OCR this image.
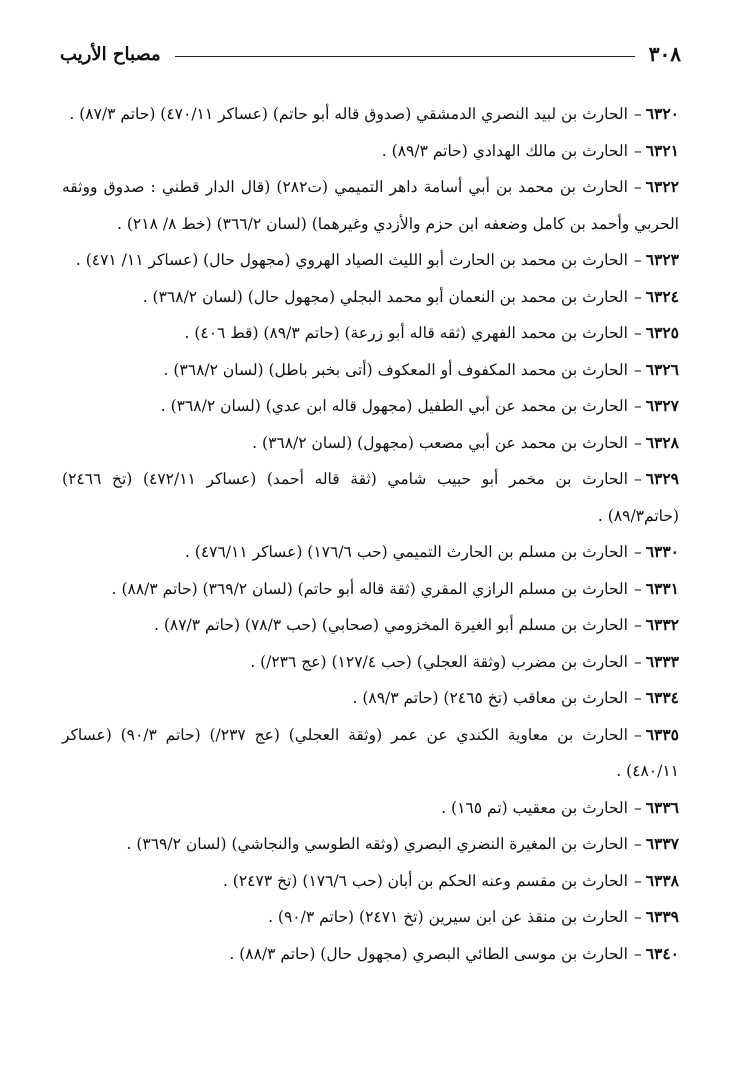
٣٠٨
مصباح الأريب
٦٣٢٠–الحارث بن لبيد النصري الدمشقي (صدوق قاله أبو حاتم) (عساكر ٤٧٠/١١) (حاتم ٨٧/٣) .
٦٣٢١–الحارث بن مالك الهدادي (حاتم ٨٩/٣) .
٦٣٢٢–الحارث بن محمد بن أبي أسامة داهر التميمي (ت٢٨٢) (قال الدار قطني : صدوق ووثقه الحربي وأحمد بن كامل وضعفه ابن حزم والأزدي وغيرهما) (لسان ٣٦٦/٢) (خط ٨/ ٢١٨) .
٦٣٢٣–الحارث بن محمد بن الحارث أبو الليث الصياد الهروي (مجهول حال) (عساكر ١١/ ٤٧١) .
٦٣٢٤–الحارث بن محمد بن النعمان أبو محمد البجلي (مجهول حال) (لسان ٣٦٨/٢) .
٦٣٢٥–الحارث بن محمد الفهري (ثقه قاله أبو زرعة) (حاتم ٨٩/٣) (قط ٤٠٦) .
٦٣٢٦–الحارث بن محمد المكفوف أو المعكوف (أتى بخبر باطل) (لسان ٣٦٨/٢) .
٦٣٢٧–الحارث بن محمد عن أبي الطفيل (مجهول قاله ابن عدي) (لسان ٣٦٨/٢) .
٦٣٢٨–الحارث بن محمد عن أبي مصعب (مجهول) (لسان ٣٦٨/٢) .
٦٣٢٩–الحارث بن مخمر أبو حبيب شامي (ثقة قاله أحمد) (عساكر ٤٧٢/١١) (تخ ٢٤٦٦) (حاتم٨٩/٣) .
٦٣٣٠–الحارث بن مسلم بن الحارث التميمي (حب ١٧٦/٦) (عساكر ٤٧٦/١١) .
٦٣٣١–الحارث بن مسلم الرازي المقري (ثقة قاله أبو حاتم) (لسان ٣٦٩/٢) (حاتم ٨٨/٣) .
٦٣٣٢–الحارث بن مسلم أبو الغيرة المخزومي (صحابي) (حب ٧٨/٣) (حاتم ٨٧/٣) .
٦٣٣٣–الحارث بن مضرب (وثقة العجلي) (حب ١٢٧/٤) (عج ٢٣٦/) .
٦٣٣٤–الحارث بن معاقب (تخ ٢٤٦٥) (حاتم ٨٩/٣) .
٦٣٣٥–الحارث بن معاوية الكندي عن عمر (وثقة العجلي) (عج ٢٣٧/) (حاتم ٩٠/٣) (عساكر ٤٨٠/١١) .
٦٣٣٦–الحارث بن معقيب (تم ١٦٥) .
٦٣٣٧–الحارث بن المغيرة النضري البصري (وثقه الطوسي والنجاشي) (لسان ٣٦٩/٢) .
٦٣٣٨–الحارث بن مقسم وعنه الحكم بن أبان (حب ١٧٦/٦) (تخ ٢٤٧٣) .
٦٣٣٩–الحارث بن منقذ عن ابن سيرين (تخ ٢٤٧١) (حاتم ٩٠/٣) .
٦٣٤٠–الحارث بن موسى الطائي البصري (مجهول حال) (حاتم ٨٨/٣) .
